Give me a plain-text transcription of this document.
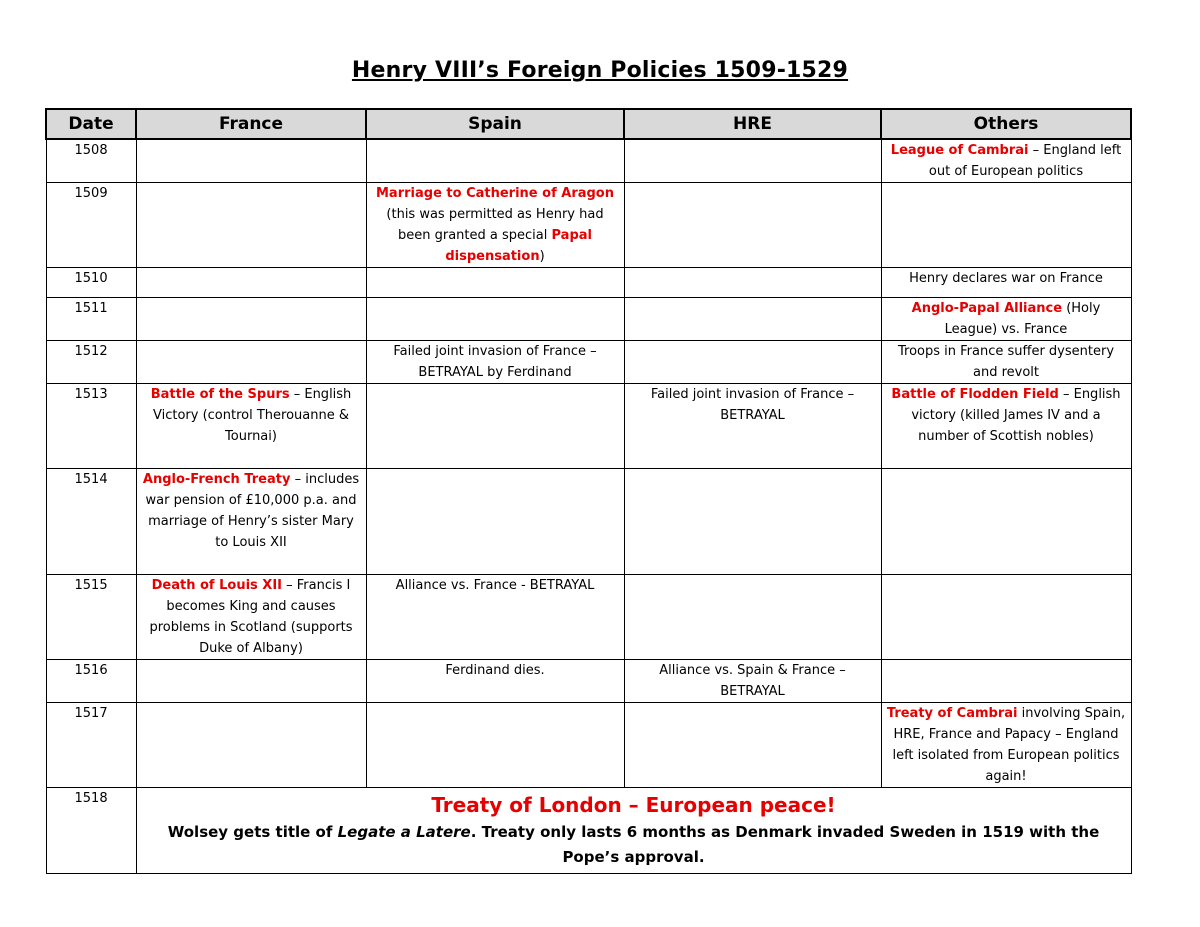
Henry VIII’s Foreign Policies 1509-1529
Date	France	Spain	HRE	Others
1508				League of Cambrai – England left out of European politics
1509		Marriage to Catherine of Aragon (this was permitted as Henry had been granted a special Papal dispensation)		
1510				Henry declares war on France
1511				Anglo-Papal Alliance (Holy League) vs. France
1512		Failed joint invasion of France – BETRAYAL by Ferdinand		Troops in France suffer dysentery and revolt
1513	Battle of the Spurs – English Victory (control Therouanne & Tournai)		Failed joint invasion of France – BETRAYAL	Battle of Flodden Field – English victory (killed James IV and a number of Scottish nobles)
1514	Anglo-French Treaty – includes war pension of £10,000 p.a. and marriage of Henry’s sister Mary to Louis XII			
1515	Death of Louis XII – Francis I becomes King and causes problems in Scotland (supports Duke of Albany)	Alliance vs. France - BETRAYAL		
1516		Ferdinand dies.	Alliance vs. Spain & France – BETRAYAL	
1517				Treaty of Cambrai involving Spain, HRE, France and Papacy – England left isolated from European politics again!
1518	Treaty of London – European peace!
Wolsey gets title of Legate a Latere. Treaty only lasts 6 months as Denmark invaded Sweden in 1519 with the Pope’s approval.			
